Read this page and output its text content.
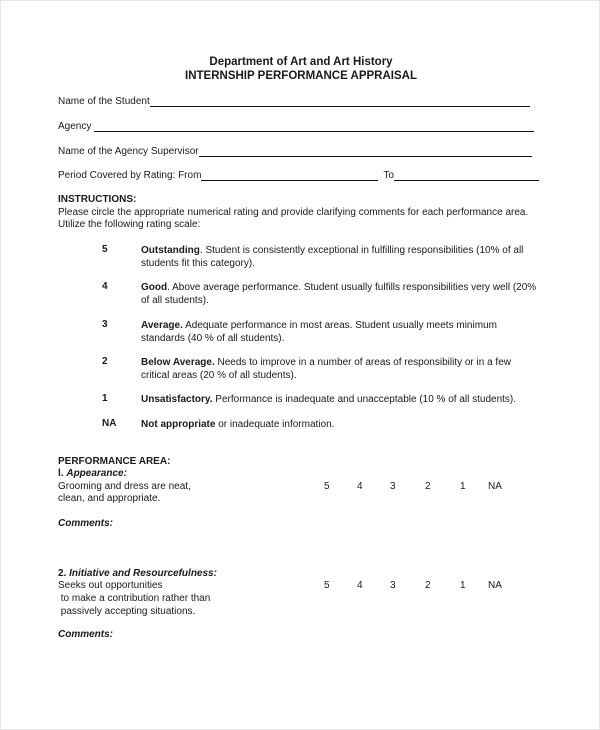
Department of Art and Art History
INTERNSHIP PERFORMANCE APPRAISAL
Name of the Student
Agency
Name of the Agency Supervisor
Period Covered by Rating: From	To
INSTRUCTIONS:
Please circle the appropriate numerical rating and provide clarifying comments for each performance area.
Utilize the following rating scale:
5	Outstanding. Student is consistently exceptional in fulfilling responsibilities (10% of all students fit this category).
4	Good. Above average performance. Student usually fulfills responsibilities very well (20% of all students).
3	Average. Adequate performance in most areas. Student usually meets minimum standards (40 % of all students).
2	Below Average. Needs to improve in a number of areas of responsibility or in a few critical areas (20 % of all students).
1	Unsatisfactory. Performance is inadequate and unacceptable (10 % of all students).
NA Not appropriate or inadequate information.
PERFORMANCE AREA:
l. Appearance:
Grooming and dress are neat,
clean, and appropriate.
5	4	3	2	1 NA
Comments:
2. Initiative and Resourcefulness:
Seeks out opportunities
to make a contribution rather than
passively accepting situations.
5	4	3	2	1 NA
Comments:
